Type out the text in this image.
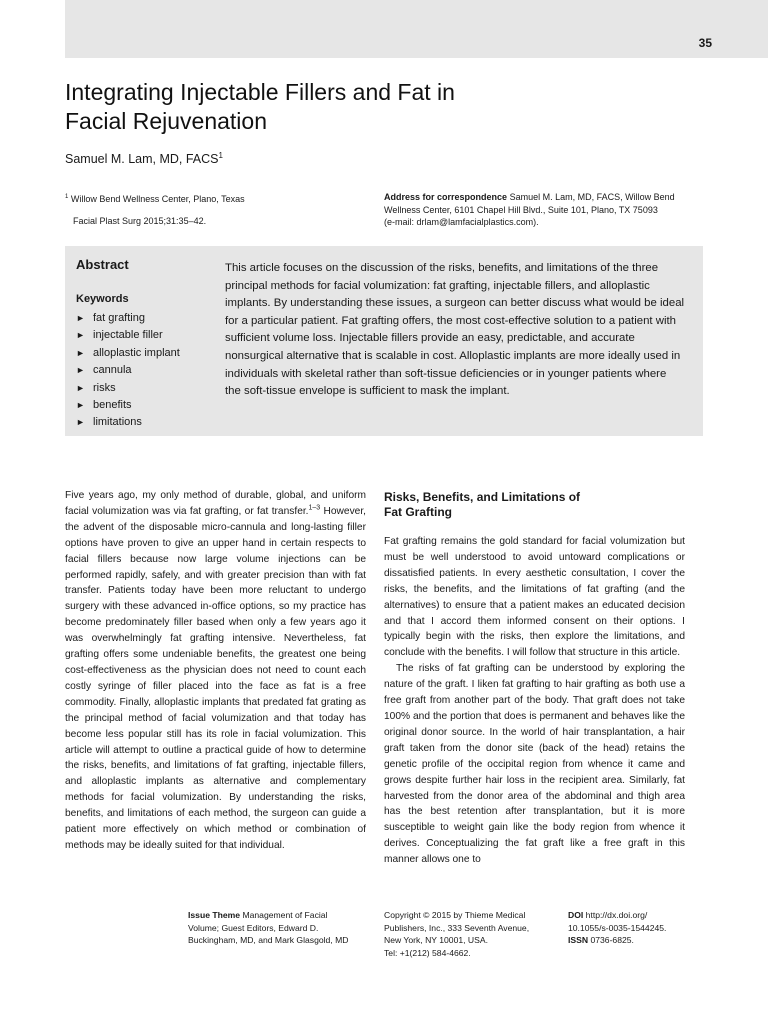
35
Integrating Injectable Fillers and Fat in
Facial Rejuvenation
Samuel M. Lam, MD, FACS$^1$
$^1$ Willow Bend Wellness Center, Plano, Texas
Facial Plast Surg 2015;31:35–42.
Address for correspondence Samuel M. Lam, MD, FACS, Willow Bend
Wellness Center, 6101 Chapel Hill Blvd., Suite 101, Plano, TX 75093
(e-mail: drlam@lamfacialplastics.com).
Abstract
Keywords
► fat grafting
► injectable filler
► alloplastic implant
► cannula
► risks
► benefits
► limitations

This article focuses on the discussion of the risks, benefits, and limitations of the three principal methods for facial volumization: fat grafting, injectable fillers, and alloplastic implants. By understanding these issues, a surgeon can better discuss what would be ideal for a particular patient. Fat grafting offers, the most cost-effective solution to a patient with sufficient volume loss. Injectable fillers provide an easy, predictable, and accurate nonsurgical alternative that is scalable in cost. Alloplastic implants are more ideally used in individuals with skeletal rather than soft-tissue deficiencies or in younger patients where the soft-tissue envelope is sufficient to mask the implant.

Five years ago, my only method of durable, global, and uniform facial volumization was via fat grafting, or fat transfer.$^{1-3}$ However, the advent of the disposable micro-cannula and long-lasting filler options have proven to give an upper hand in certain respects to facial fillers because now large volume injections can be performed rapidly, safely, and with greater precision than with fat transfer. Patients today have been more reluctant to undergo surgery with these advanced in-office options, so my practice has become predominately filler based when only a few years ago it was overwhelmingly fat grafting intensive. Nevertheless, fat grafting offers some undeniable benefits, the greatest one being cost-effectiveness as the physician does not need to count each costly syringe of filler placed into the face as fat is a free commodity. Finally, alloplastic implants that predated fat grating as the principal method of facial volumization and that today has become less popular still has its role in facial volumization. This article will attempt to outline a practical guide of how to determine the risks, benefits, and limitations of fat grafting, injectable fillers, and alloplastic implants as alternative and complementary methods for facial volumization. By understanding the risks, benefits, and limitations of each method, the surgeon can guide a patient more effectively on which method or combination of methods may be ideally suited for that individual.

Risks, Benefits, and Limitations of
Fat Grafting

Fat grafting remains the gold standard for facial volumization but must be well understood to avoid untoward complications or dissatisfied patients. In every aesthetic consultation, I cover the risks, the benefits, and the limitations of fat grafting (and the alternatives) to ensure that a patient makes an educated decision and that I accord them informed consent on their options. I typically begin with the risks, then explore the limitations, and conclude with the benefits. I will follow that structure in this article.

The risks of fat grafting can be understood by exploring the nature of the graft. I liken fat grafting to hair grafting as both use a free graft from another part of the body. That graft does not take 100% and the portion that does is permanent and behaves like the original donor source. In the world of hair transplantation, a hair graft taken from the donor site (back of the head) retains the genetic profile of the occipital region from whence it came and grows despite further hair loss in the recipient area. Similarly, fat harvested from the donor area of the abdominal and thigh area has the best retention after transplantation, but it is more susceptible to weight gain like the body region from whence it derives. Conceptualizing the fat graft like a free graft in this manner allows one to

Issue Theme Management of Facial
Volume; Guest Editors, Edward D.
Buckingham, MD, and Mark Glasgold, MD
Copyright © 2015 by Thieme Medical
Publishers, Inc., 333 Seventh Avenue,
New York, NY 10001, USA.
Tel: +1(212) 584-4662.
DOI http://dx.doi.org/
10.1055/s-0035-1544245.
ISSN 0736-6825.
